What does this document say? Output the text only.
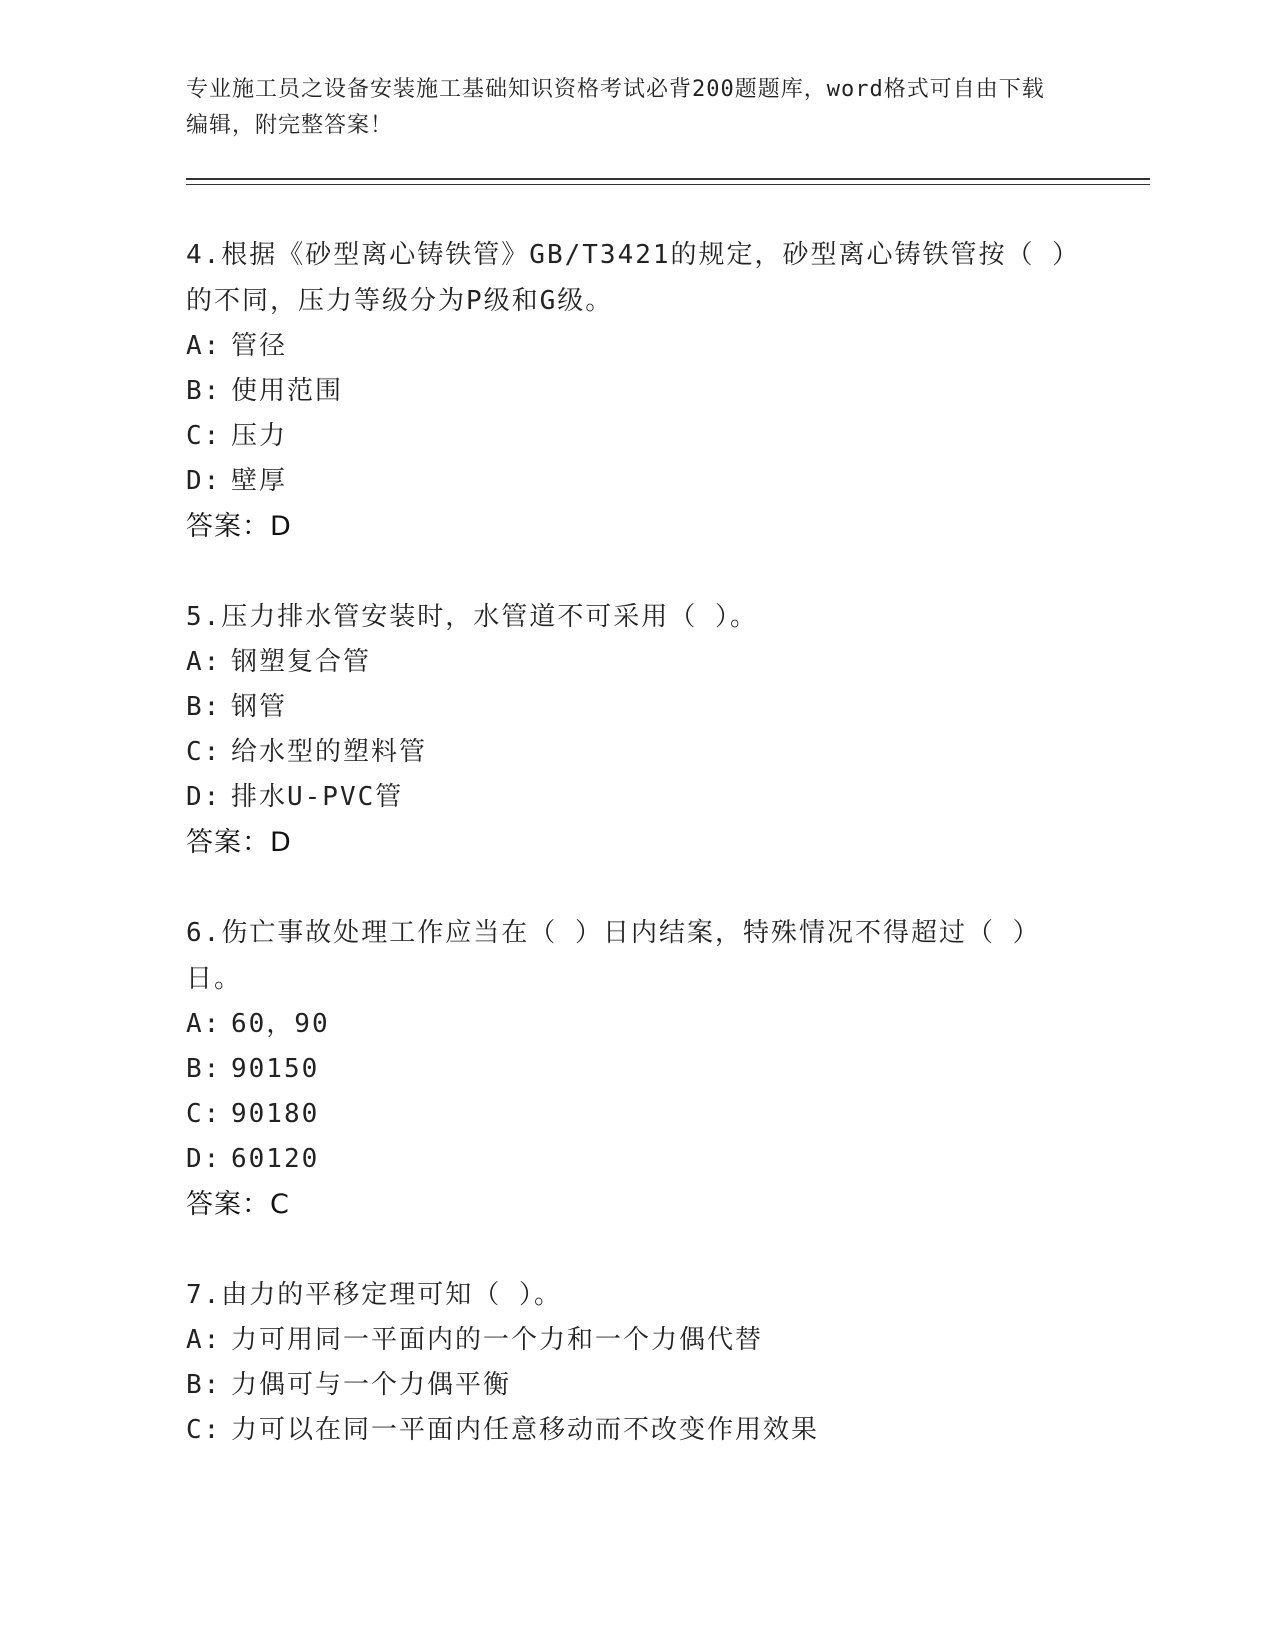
专业施工员之设备安装施工基础知识资格考试必背200题题库，word格式可自由下载编辑，附完整答案！

4.根据《砂型离心铸铁管》GB/T3421的规定，砂型离心铸铁管按（ ）的不同，压力等级分为P级和G级。

A: 管径
B: 使用范围
C: 压力
D: 壁厚
答案：D

5.压力排水管安装时，水管道不可采用（ ）。

A: 钢塑复合管
B: 钢管
C: 给水型的塑料管
D: 排水U-PVC管
答案：D

6.伤亡事故处理工作应当在（ ）日内结案，特殊情况不得超过（ ）日。

A: 60，90
B: 90150
C: 90180
D: 60120
答案：C

7.由力的平移定理可知（ ）。

A: 力可用同一平面内的一个力和一个力偶代替
B: 力偶可与一个力偶平衡
C: 力可以在同一平面内任意移动而不改变作用效果
